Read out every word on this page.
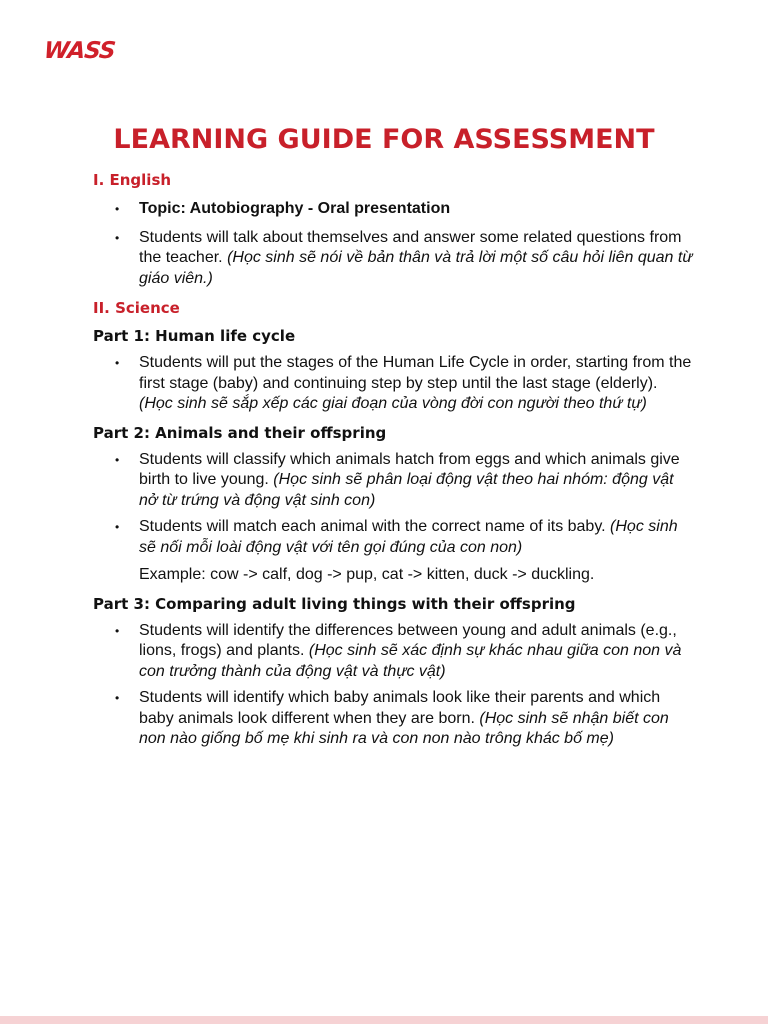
WASS
LEARNING GUIDE FOR ASSESSMENT
I. English
• Topic: Autobiography - Oral presentation
• Students will talk about themselves and answer some related questions from the teacher. (Học sinh sẽ nói về bản thân và trả lời một số câu hỏi liên quan từ giáo viên.)
II. Science
Part 1: Human life cycle
• Students will put the stages of the Human Life Cycle in order, starting from the first stage (baby) and continuing step by step until the last stage (elderly). (Học sinh sẽ sắp xếp các giai đoạn của vòng đời con người theo thứ tự)
Part 2: Animals and their offspring
• Students will classify which animals hatch from eggs and which animals give birth to live young. (Học sinh sẽ phân loại động vật theo hai nhóm: động vật nở từ trứng và động vật sinh con)
• Students will match each animal with the correct name of its baby. (Học sinh sẽ nối mỗi loài động vật với tên gọi đúng của con non)
Example: cow -> calf, dog -> pup, cat -> kitten, duck -> duckling.
Part 3: Comparing adult living things with their offspring
• Students will identify the differences between young and adult animals (e.g., lions, frogs) and plants. (Học sinh sẽ xác định sự khác nhau giữa con non và con trưởng thành của động vật và thực vật)
• Students will identify which baby animals look like their parents and which baby animals look different when they are born. (Học sinh sẽ nhận biết con non nào giống bố mẹ khi sinh ra và con non nào trông khác bố mẹ)
